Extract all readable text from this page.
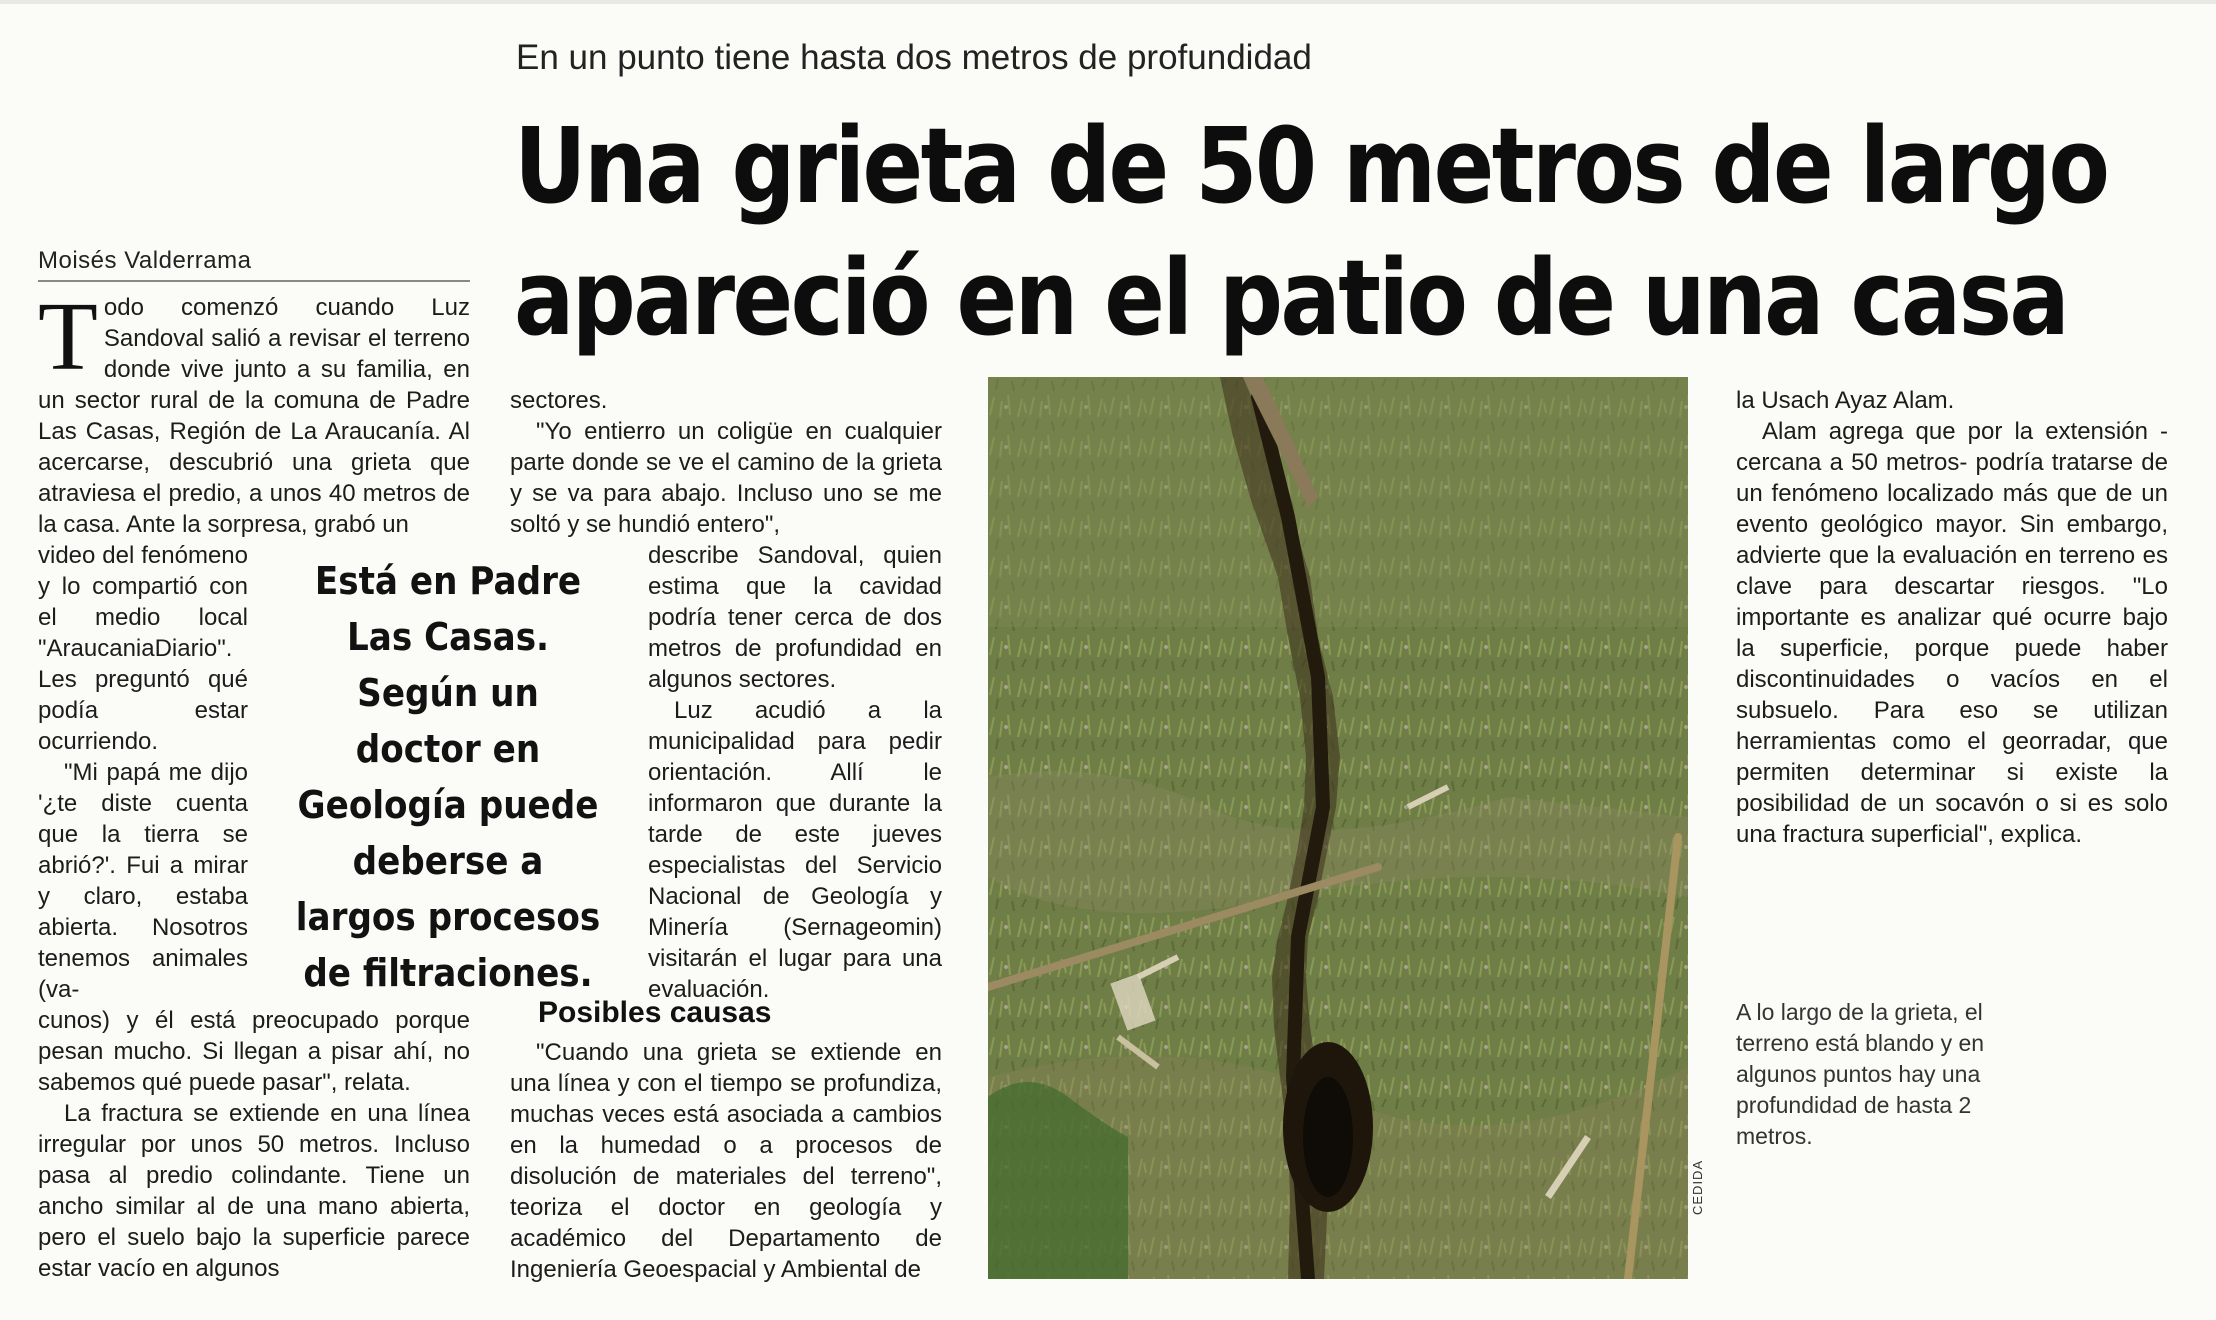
En un punto tiene hasta dos metros de profundidad
Una grieta de 50 metros de largo
apareció en el patio de una casa
Moisés Valderrama

Todo comenzó cuando Luz Sandoval salió a revisar el terreno donde vive junto a su familia, en un sector rural de la comuna de Padre Las Casas, Región de La Araucanía. Al acercarse, descubrió una grieta que atraviesa el predio, a unos 40 metros de la casa. Ante la sorpresa, grabó un

video del fenómeno y lo compartió con el medio local "AraucaniaDiario". Les preguntó qué podía estar ocurriendo.

"Mi papá me dijo '¿te diste cuenta que la tierra se abrió?'. Fui a mirar y claro, estaba abierta. Nosotros tenemos animales (va-

Está en Padre Las Casas. Según un doctor en Geología puede deberse a largos procesos de filtraciones.

cunos) y él está preocupado porque pesan mucho. Si llegan a pisar ahí, no sabemos qué puede pasar", relata.

La fractura se extiende en una línea irregular por unos 50 metros. Incluso pasa al predio colindante. Tiene un ancho similar al de una mano abierta, pero el suelo bajo la superficie parece estar vacío en algunos

sectores.

"Yo entierro un coligüe en cualquier parte donde se ve el camino de la grieta y se va para abajo. Incluso uno se me soltó y se hundió entero",

describe Sandoval, quien estima que la cavidad podría tener cerca de dos metros de profundidad en algunos sectores.

Luz acudió a la municipalidad para pedir orientación. Allí le informaron que durante la tarde de este jueves especialistas del Servicio Nacional de Geología y Minería (Sernageomin) visitarán el lugar para una evaluación.

Posibles causas

"Cuando una grieta se extiende en una línea y con el tiempo se profundiza, muchas veces está asociada a cambios en la humedad o a procesos de disolución de materiales del terreno", teoriza el doctor en geología y académico del Departamento de Ingeniería Geoespacial y Ambiental de

CEDIDA

la Usach Ayaz Alam.

Alam agrega que por la extensión -cercana a 50 metros- podría tratarse de un fenómeno localizado más que de un evento geológico mayor. Sin embargo, advierte que la evaluación en terreno es clave para descartar riesgos. "Lo importante es analizar qué ocurre bajo la superficie, porque puede haber discontinuidades o vacíos en el subsuelo. Para eso se utilizan herramientas como el georradar, que permiten determinar si existe la posibilidad de un socavón o si es solo una fractura superficial", explica.

A lo largo de la grieta, el terreno está blando y en algunos puntos hay una profundidad de hasta 2 metros.
